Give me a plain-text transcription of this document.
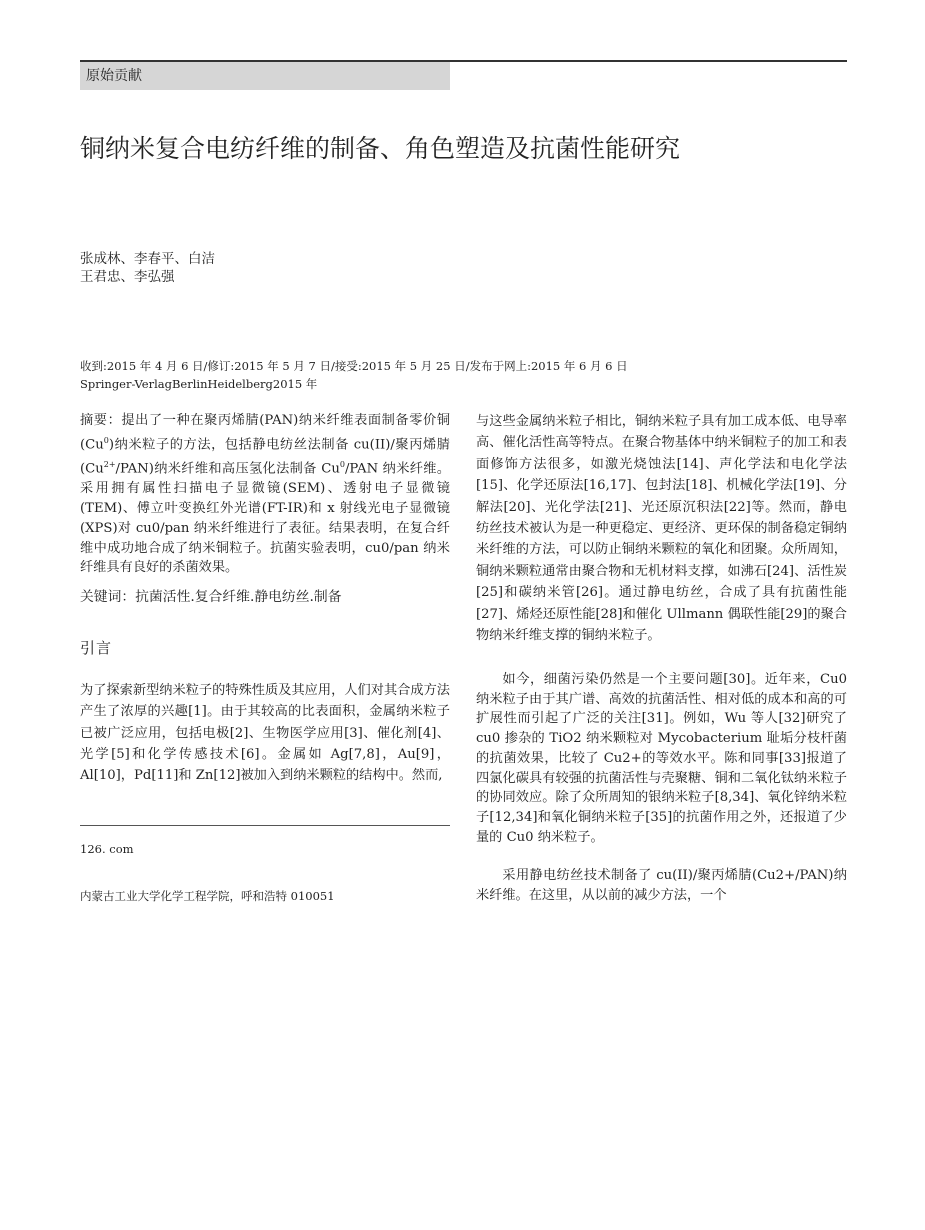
原始贡献
铜纳米复合电纺纤维的制备、角色塑造及抗菌性能研究
张成林、李春平、白洁
王君忠、李弘强
收到:2015 年 4 月 6 日/修订:2015 年 5 月 7 日/接受:2015 年 5 月 25 日/发布于网上:2015 年 6 月 6 日
Springer-VerlagBerlinHeidelberg2015 年
摘要：提出了一种在聚丙烯腈(PAN)纳米纤维表面制备零价铜(Cu$^0$)纳米粒子的方法，包括静电纺丝法制备 cu(II)/聚丙烯腈$(Cu^{2+}/PAN)$纳米纤维和高压氢化法制备 Cu$^0$/PAN 纳米纤维。采用拥有属性扫描电子显微镜(SEM)、透射电子显微镜(TEM)、傅立叶变换红外光谱(FT-IR)和 x 射线光电子显微镜(XPS)对 cu0/pan 纳米纤维进行了表征。结果表明，在复合纤维中成功地合成了纳米铜粒子。抗菌实验表明，cu0/pan 纳米纤维具有良好的杀菌效果。
关键词：抗菌活性.复合纤维.静电纺丝.制备
引言
为了探索新型纳米粒子的特殊性质及其应用，人们对其合成方法产生了浓厚的兴趣[1]。由于其较高的比表面积，金属纳米粒子已被广泛应用，包括电极[2]、生物医学应用[3]、催化剂[4]、光学[5]和化学传感技术[6]。金属如 Ag[7,8]，Au[9]，Al[10]，Pd[11]和 Zn[12]被加入到纳米颗粒的结构中。然而,
126. com
内蒙古工业大学化学工程学院，呼和浩特 010051
与这些金属纳米粒子相比，铜纳米粒子具有加工成本低、电导率高、催化活性高等特点。在聚合物基体中纳米铜粒子的加工和表面修饰方法很多，如激光烧蚀法[14]、声化学法和电化学法[15]、化学还原法[16,17]、包封法[18]、机械化学法[19]、分解法[20]、光化学法[21]、光还原沉积法[22]等。然而，静电纺丝技术被认为是一种更稳定、更经济、更环保的制备稳定铜纳米纤维的方法，可以防止铜纳米颗粒的氧化和团聚。众所周知，铜纳米颗粒通常由聚合物和无机材料支撑，如沸石[24]、活性炭[25]和碳纳米管[26]。通过静电纺丝，合成了具有抗菌性能[27]、烯烃还原性能[28]和催化 Ullmann 偶联性能[29]的聚合物纳米纤维支撑的铜纳米粒子。
如今，细菌污染仍然是一个主要问题[30]。近年来，Cu0 纳米粒子由于其广谱、高效的抗菌活性、相对低的成本和高的可扩展性而引起了广泛的关注[31]。例如，Wu 等人[32]研究了 cu0 掺杂的 TiO2 纳米颗粒对 Mycobacterium 耻垢分枝杆菌的抗菌效果，比较了 Cu2+的等效水平。陈和同事[33]报道了四氯化碳具有较强的抗菌活性与壳聚糖、铜和二氧化钛纳米粒子的协同效应。除了众所周知的银纳米粒子[8,34]、氧化锌纳米粒子[12,34]和氧化铜纳米粒子[35]的抗菌作用之外，还报道了少量的 Cu0 纳米粒子。
采用静电纺丝技术制备了 cu(II)/聚丙烯腈(Cu2+/PAN)纳米纤维。在这里，从以前的减少方法，一个
